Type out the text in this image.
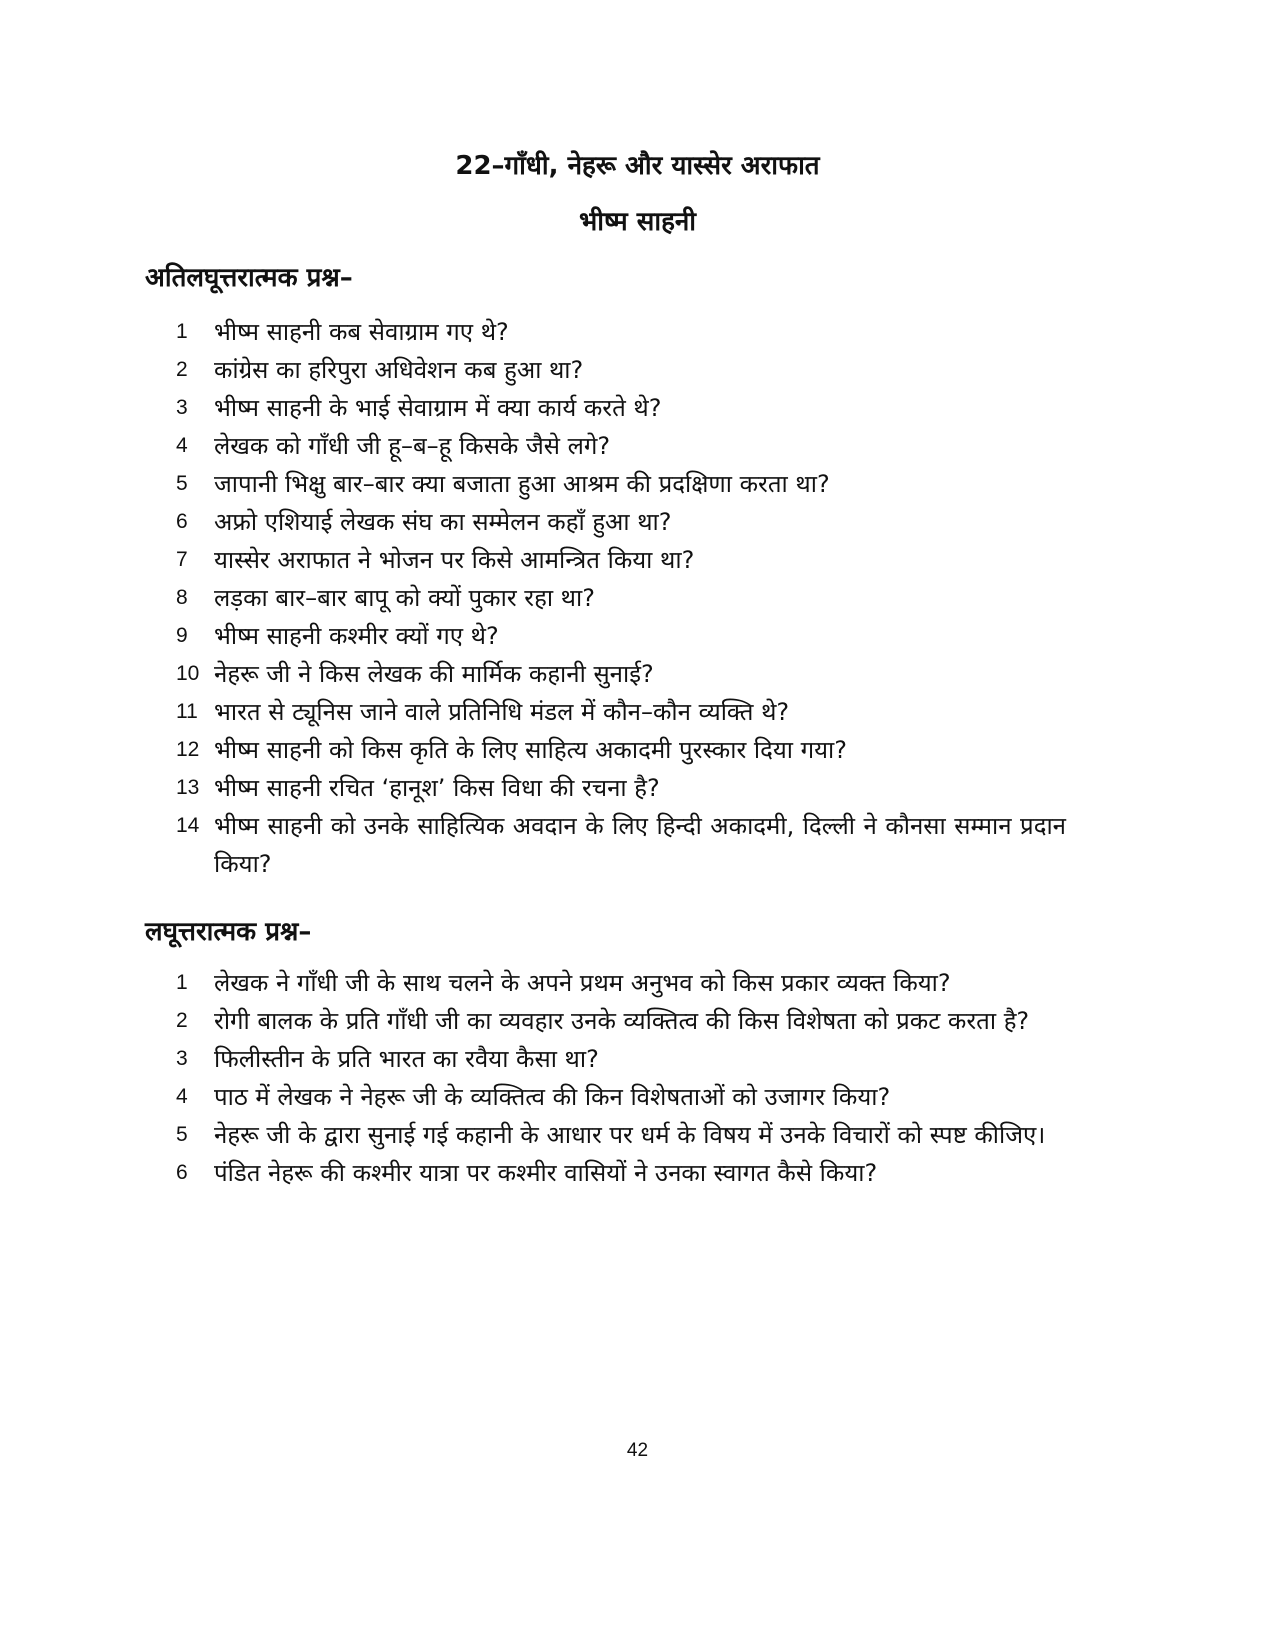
22–गाँधी, नेहरू और यास्सेर अराफात
भीष्म साहनी
अतिलघूत्तरात्मक प्रश्न–
1	भीष्म साहनी कब सेवाग्राम गए थे?
2	कांग्रेस का हरिपुरा अधिवेशन कब हुआ था?
3	भीष्म साहनी के भाई सेवाग्राम में क्या कार्य करते थे?
4	लेखक को गाँधी जी हू–ब–हू किसके जैसे लगे?
5	जापानी भिक्षु बार–बार क्या बजाता हुआ आश्रम की प्रदक्षिणा करता था?
6	अफ्रो एशियाई लेखक संघ का सम्मेलन कहाँ हुआ था?
7	यास्सेर अराफात ने भोजन पर किसे आमन्त्रित किया था?
8	लड़का बार–बार बापू को क्यों पुकार रहा था?
9	भीष्म साहनी कश्मीर क्यों गए थे?
10 नेहरू जी ने किस लेखक की मार्मिक कहानी सुनाई?
11 भारत से ट्यूनिस जाने वाले प्रतिनिधि मंडल में कौन–कौन व्यक्ति थे?
12 भीष्म साहनी को किस कृति के लिए साहित्य अकादमी पुरस्कार दिया गया?
13 भीष्म साहनी रचित ‘हानूश’ किस विधा की रचना है?
14 भीष्म साहनी को उनके साहित्यिक अवदान के लिए हिन्दी अकादमी, दिल्ली ने कौनसा सम्मान प्रदान किया?
लघूत्तरात्मक प्रश्न–
1	लेखक ने गाँधी जी के साथ चलने के अपने प्रथम अनुभव को किस प्रकार व्यक्त किया?
2	रोगी बालक के प्रति गाँधी जी का व्यवहार उनके व्यक्तित्व की किस विशेषता को प्रकट करता है?
3	फिलीस्तीन के प्रति भारत का रवैया कैसा था?
4	पाठ में लेखक ने नेहरू जी के व्यक्तित्व की किन विशेषताओं को उजागर किया?
5	नेहरू जी के द्वारा सुनाई गई कहानी के आधार पर धर्म के विषय में उनके विचारों को स्पष्ट कीजिए।
6	पंडित नेहरू की कश्मीर यात्रा पर कश्मीर वासियों ने उनका स्वागत कैसे किया?
42
